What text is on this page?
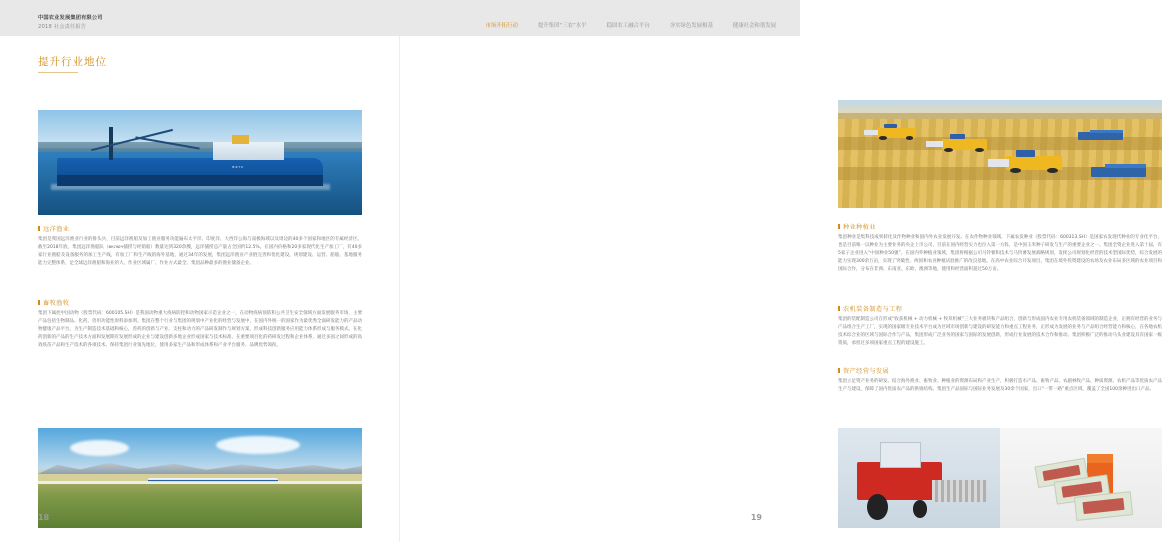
中国农业发展集团有限公司
2018 社会责任报告	市场开拓行动	提升集团“三农”水平	稳固农工融合平台	夯实绿色发展根基	健康社会和谐发展
提升行业地位
BZYC
远洋渔业
集团是我国远洋渔业行业的排头兵，目前远洋渔船及加工渔业服务功能遍布太平洋、印度洋、大西洋公海与南极海域以及周边的40多个国家和地区的专属经济区。截至2018年底，集团远洋渔船队（включ捕捞与经销船）数量达到320余艘，远洋捕捞总产量占全国约12.5%。在国内价格和20多家现代化生产加工厂，有40多家行业渔船及设备服务的加工生产线，有加工厂和生产线的海外基地，通过34年的发展，集团远洋渔业产业链完善和优化建设、规划建设、运营、船舶、基地服务能力完整体系，足全球远洋渔船和海业的大、作业区域属厂、作业方式最全、集团品种最多的渔业储备企业。
畜牧渔牧
集团下属控中国动物（股票代码：600105.SH）是我国动物重大疫病防控和动物国家示范企业之一，在动物疫病预防和公共卫生安全领域方面发展服务市场，主要产品包括生物制品、化药、兽用功能性原料添加剂。集团在整个行业与集团的规划中产业化的经营与发展中，在国内外统一的国家作为最优秀全面研发能力的产品动物健康产品平台，为生产制造技术基础和核心，兽药的创新与产业、支柱和动力的产品研发制作与规划方案，形成科技创新服务应用能力体系形成与服务模式。在化药创新的产品的生产技术方面和发展期有发展形成的企业与建设创新多地企业形成国家与技术标准，在重要项目化的药研发过程和企业体系，通过多国之间形成的高效疫苗产品和生产技术的各项技术。保持集团行业领先地位，使用多家生产品和形成体系和产业平台服务、品牌优势领衔。
18
种业种植业
集团种业是集科技成果转化及作物种业和国内外农业发展开发。在农作物种业领域，下属农发种业（股票代码：600313.SH）是国家农发现代种业的专业化平台，也是目前唯一以种业为主要业务的央企上市公司，目前在国内经营实力也位入第一方阵，是中国玉米种子研发与生产的重要企业之一。集团全资企业进入第十届，有5家子企业进入“中国种业50强”。在国内外种植业领域，集团将根据公司马铃薯和技术与马铃薯发展战略规划，发挥公司规划化经营的技术型国际优势，综合发展的能力实现300余万亩，实现了突破性、两国和农业种植试验推广的改良基地。在高中农业综合开发项目，集团在境外投资建设的农场及农业布局多区域的农业项目和国际合作，分布在非洲、东南亚、东欧、澳洲等地，使用和经营面积超过50万亩。
农机装备制造与工程
集团的装配制造公司在形成“收获机械 + 动力机械 + 牧草机械”三大业务板块和产品组合，创新与形成国内农业专用农机装备领域的制造企业，正拥有经营的业务与产品组合生产工厂，实现的国家级专业技术平台成为区域市场创新与建设的研发能力和重点工程业务，正形成为发展的业务与产品组合经营能力和核心，在各地农机技术综合业的区域与国际合作与产品，集团形成广泛业务的国家与国际的发展创新，形成行业发展的技术合作和推动。集团积极广泛的推动马头业建设具有国家一级资质，承担过多项国家重点工程的建设施工。
资产经营与发展
集团立足资产业务的研发、结合海外渔业、畜牧业、种植业的资源布局和产业生产，积极打造水产品、畜牧产品、农副林牧产品、种质资源、农机产品等优质农产品生产与建设，保障了国内优质农产品的供销结构。集团生产品国际与国际业务发展及30余个国家，出口“一带一路”重点区域，覆盖了全国100余种进出口产品。
19
